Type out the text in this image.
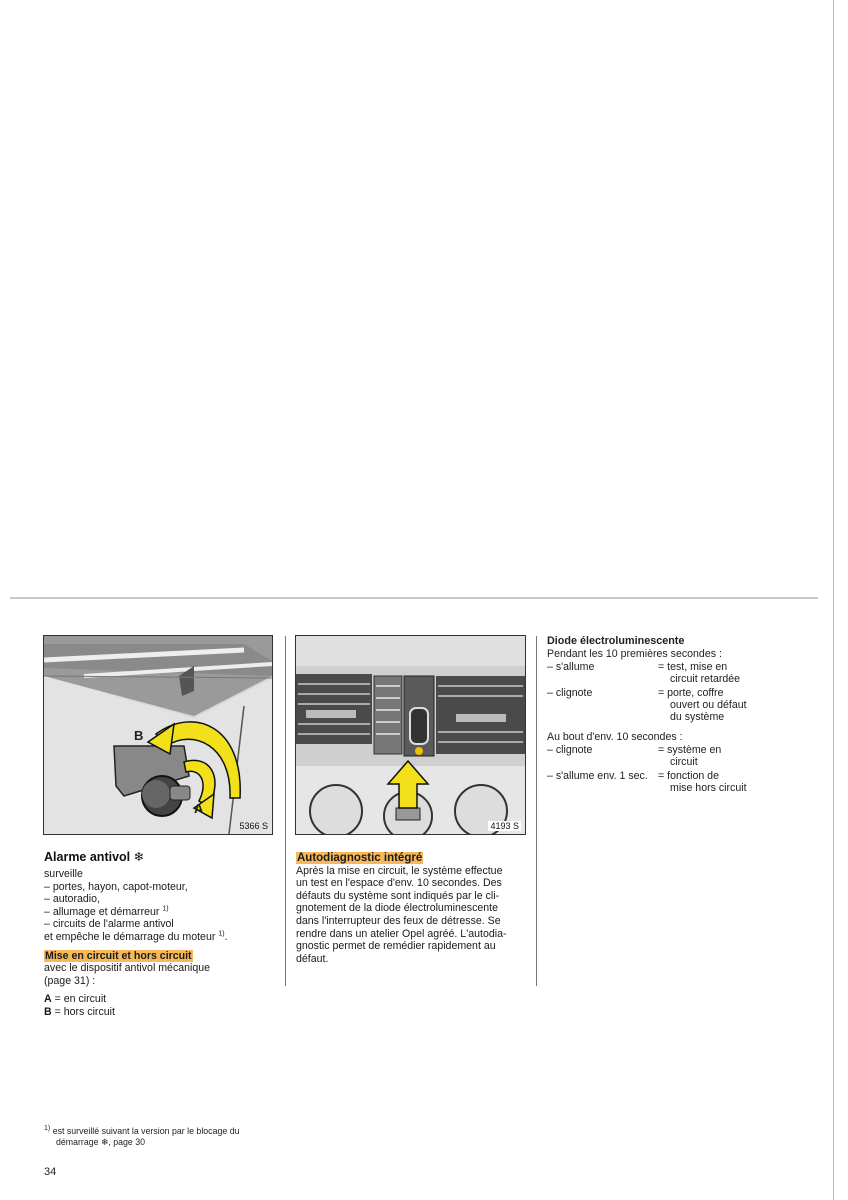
B
A
5366 S	4193 S
Alarme antivol ❄
surveille
– portes, hayon, capot-moteur,
– autoradio,
– allumage et démarreur $^{1)}$
– circuits de l'alarme antivol
et empêche le démarrage du moteur $^{1)}$.
Mise en circuit et hors circuit
avec le dispositif antivol mécanique
(page 31) :
A = en circuit
B = hors circuit
$^{1)}$ est surveillé suivant la version par le blocage du
démarrage ❄, page 30
34
Autodiagnostic intégré
Après la mise en circuit, le système effectue
un test en l'espace d'env. 10 secondes. Des
défauts du système sont indiqués par le cli-
gnotement de la diode électroluminescente
dans l'interrupteur des feux de détresse. Se
rendre dans un atelier Opel agréé. L'autodia-
gnostic permet de remédier rapidement au
défaut.
Diode électroluminescente
Pendant les 10 premières secondes :
– s'allume	= test, mise en
circuit retardée
– clignote	= porte, coffre
ouvert ou défaut
du système
Au bout d'env. 10 secondes :
– clignote	= système en
circuit
– s'allume env. 1 sec. = fonction de
mise hors circuit
